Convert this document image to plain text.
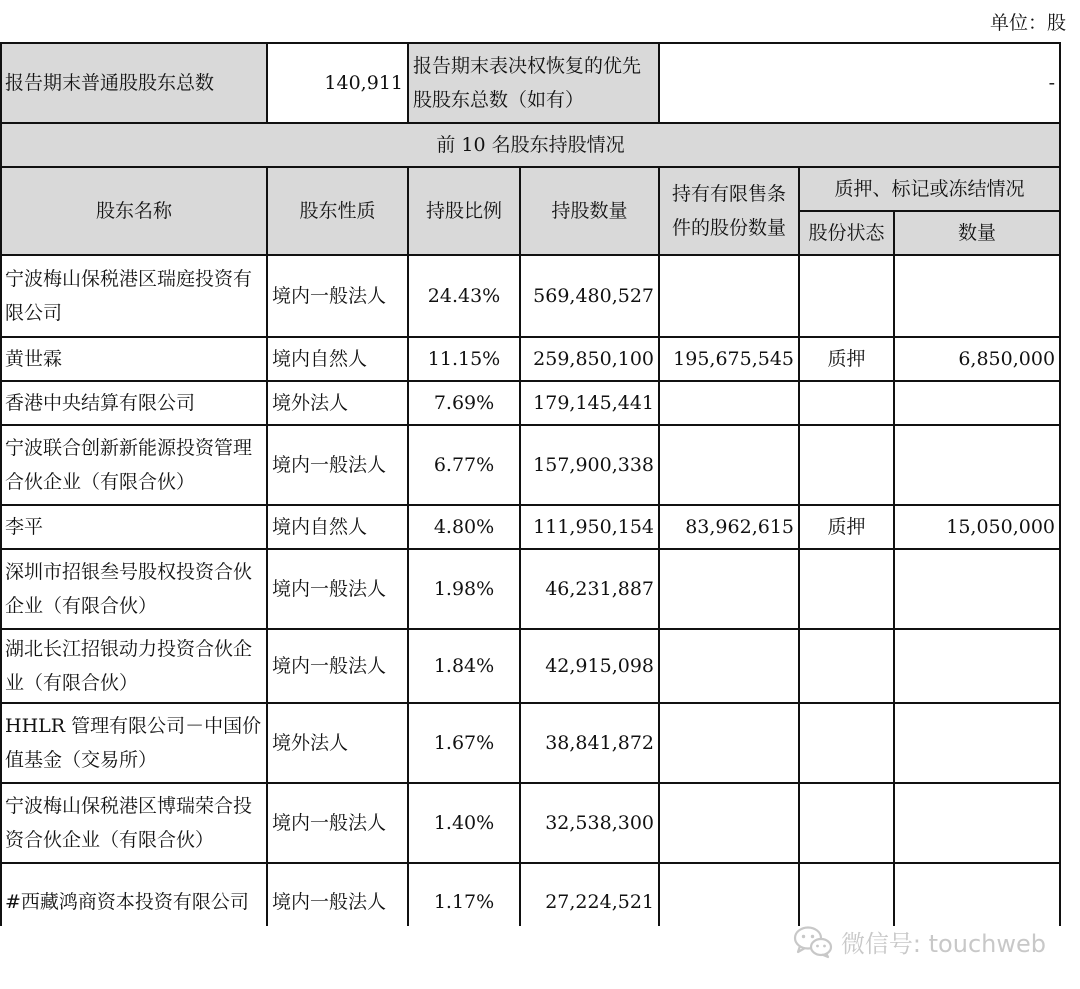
单位：股
报告期末普通股股东总数	140,911	报告期末表决权恢复的优先股股东总数（如有）		-		
前 10 名股东持股情况						
股东名称	股东性质	持股比例	持股数量	持有有限售条件的股份数量	质押、标记或冻结情况	
					股份状态	数量
宁波梅山保税港区瑞庭投资有限公司	境内一般法人	24.43%	569,480,527			
黄世霖	境内自然人	11.15%	259,850,100	195,675,545	质押	6,850,000
香港中央结算有限公司	境外法人	7.69%	179,145,441			
宁波联合创新新能源投资管理合伙企业（有限合伙）	境内一般法人	6.77%	157,900,338			
李平	境内自然人	4.80%	111,950,154	83,962,615	质押	15,050,000
深圳市招银叁号股权投资合伙企业（有限合伙）	境内一般法人	1.98%	46,231,887			
湖北长江招银动力投资合伙企业（有限合伙）	境内一般法人	1.84%	42,915,098			
HHLR 管理有限公司－中国价值基金（交易所）	境外法人	1.67%	38,841,872			
宁波梅山保税港区博瑞荣合投资合伙企业（有限合伙）	境内一般法人	1.40%	32,538,300			
#西藏鸿商资本投资有限公司	境内一般法人	1.17%	27,224,521			

微信号: touchweb
